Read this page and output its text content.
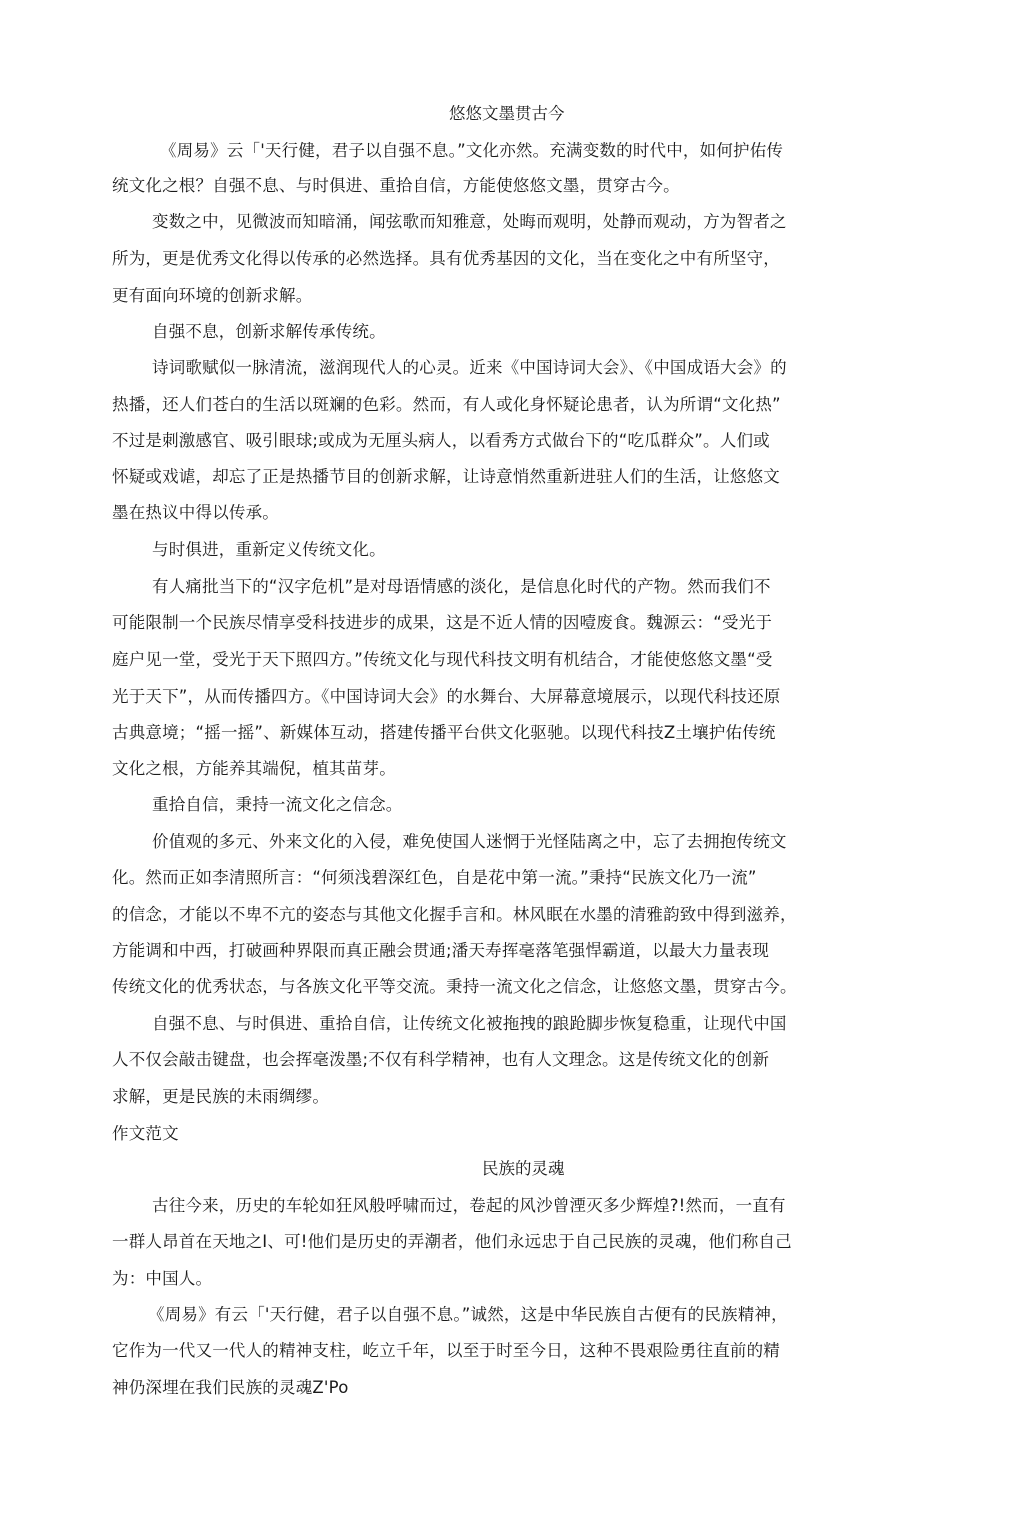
悠悠文墨贯古今
《周易》云「'天行健，君子以自强不息。”文化亦然。充满变数的时代中，如何护佑传
统文化之根？自强不息、与时俱进、重拾自信，方能使悠悠文墨，贯穿古今。
变数之中，见微波而知暗涌，闻弦歌而知雅意，处晦而观明，处静而观动，方为智者之
所为，更是优秀文化得以传承的必然选择。具有优秀基因的文化，当在变化之中有所坚守，
更有面向环境的创新求解。
自强不息，创新求解传承传统。
诗词歌赋似一脉清流，滋润现代人的心灵。近来《中国诗词大会》、《中国成语大会》的
热播，还人们苍白的生活以斑斓的色彩。然而，有人或化身怀疑论患者，认为所谓“文化热”
不过是刺激感官、吸引眼球;或成为无厘头病人，以看秀方式做台下的“吃瓜群众”。人们或
怀疑或戏谑，却忘了正是热播节目的创新求解，让诗意悄然重新进驻人们的生活，让悠悠文
墨在热议中得以传承。
与时俱进，重新定义传统文化。
有人痛批当下的“汉字危机”是对母语情感的淡化，是信息化时代的产物。然而我们不
可能限制一个民族尽情享受科技进步的成果，这是不近人情的因噎废食。魏源云：“受光于
庭户见一堂，受光于天下照四方。”传统文化与现代科技文明有机结合，才能使悠悠文墨“受
光于天下”，从而传播四方。《中国诗词大会》的水舞台、大屏幕意境展示，以现代科技还原
古典意境；“摇一摇”、新媒体互动，搭建传播平台供文化驱驰。以现代科技Z土壤护佑传统
文化之根，方能养其端倪，植其苗芽。
重拾自信，秉持一流文化之信念。
价值观的多元、外来文化的入侵，难免使国人迷惘于光怪陆离之中，忘了去拥抱传统文
化。然而正如李清照所言：“何须浅碧深红色，自是花中第一流。”秉持“民族文化乃一流”
的信念，才能以不卑不亢的姿态与其他文化握手言和。林风眠在水墨的清雅韵致中得到滋养，
方能调和中西，打破画种界限而真正融会贯通;潘天寿挥毫落笔强悍霸道，以最大力量表现
传统文化的优秀状态，与各族文化平等交流。秉持一流文化之信念，让悠悠文墨，贯穿古今。
自强不息、与时俱进、重拾自信，让传统文化被拖拽的踉跄脚步恢复稳重，让现代中国
人不仅会敲击键盘，也会挥毫泼墨;不仅有科学精神，也有人文理念。这是传统文化的创新
求解，更是民族的未雨绸缪。
作文范文
民族的灵魂
古往今来，历史的车轮如狂风般呼啸而过，卷起的风沙曾湮灭多少辉煌?!然而，一直有
一群人昂首在天地之I、可!他们是历史的弄潮者，他们永远忠于自己民族的灵魂，他们称自己
为：中国人。
《周易》有云「'天行健，君子以自强不息。”诚然，这是中华民族自古便有的民族精神，
它作为一代又一代人的精神支柱，屹立千年，以至于时至今日，这种不畏艰险勇往直前的精
神仍深埋在我们民族的灵魂Z'Po
